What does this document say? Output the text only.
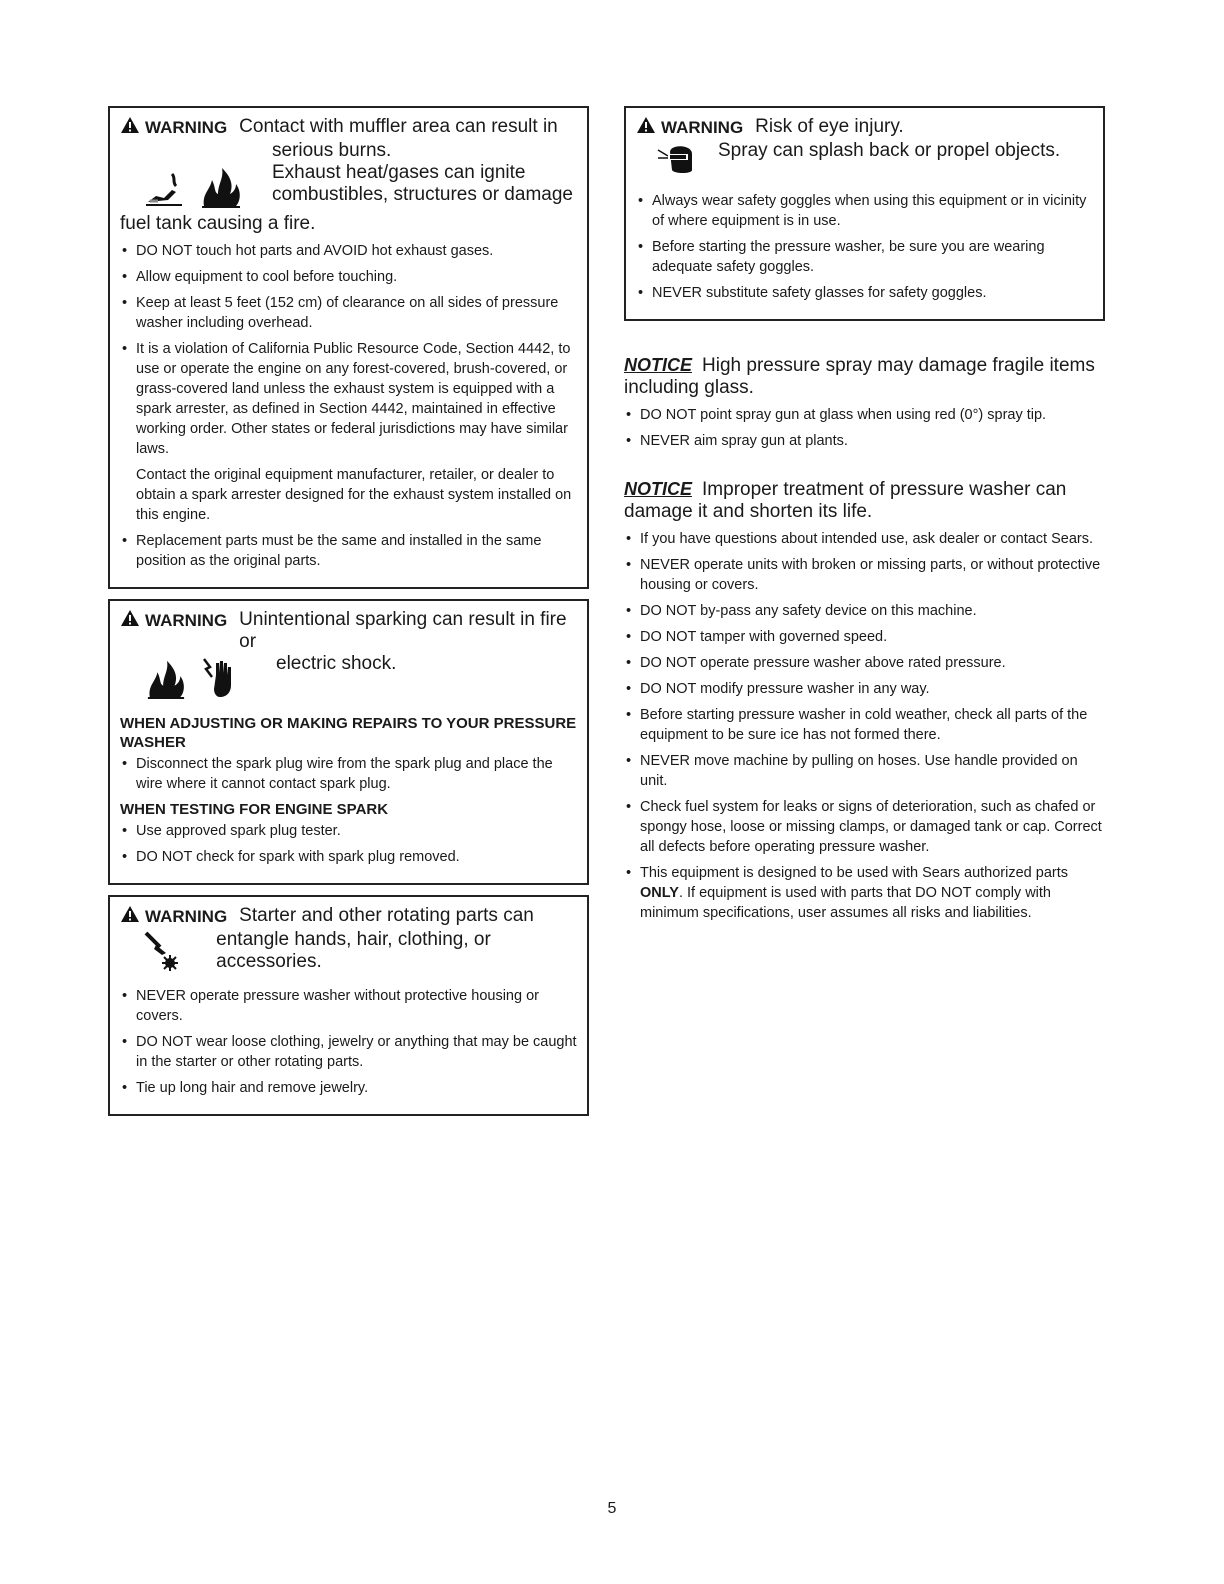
WARNING Contact with muffler area can result in
serious burns.
Exhaust heat/gases can ignite
combustibles, structures or damage
fuel tank causing a fire.
• DO NOT touch hot parts and AVOID hot exhaust gases.
• Allow equipment to cool before touching.
• Keep at least 5 feet (152 cm) of clearance on all sides of pressure washer including overhead.
• It is a violation of California Public Resource Code, Section 4442, to use or operate the engine on any forest-covered, brush-covered, or grass-covered land unless the exhaust system is equipped with a spark arrester, as defined in Section 4442, maintained in effective working order. Other states or federal jurisdictions may have similar laws.

Contact the original equipment manufacturer, retailer, or dealer to obtain a spark arrester designed for the exhaust system installed on this engine.

• Replacement parts must be the same and installed in the same position as the original parts.
WARNING Unintentional sparking can result in fire or
electric shock.
WHEN ADJUSTING OR MAKING REPAIRS TO YOUR PRESSURE WASHER
• Disconnect the spark plug wire from the spark plug and place the wire where it cannot contact spark plug.
WHEN TESTING FOR ENGINE SPARK
• Use approved spark plug tester.
• DO NOT check for spark with spark plug removed.
WARNING Starter and other rotating parts can
entangle hands, hair, clothing, or accessories.
• NEVER operate pressure washer without protective housing or covers.
• DO NOT wear loose clothing, jewelry or anything that may be caught in the starter or other rotating parts.
• Tie up long hair and remove jewelry.
WARNING Risk of eye injury.
Spray can splash back or propel objects.
• Always wear safety goggles when using this equipment or in vicinity of where equipment is in use.
• Before starting the pressure washer, be sure you are wearing adequate safety goggles.
• NEVER substitute safety glasses for safety goggles.
NOTICE High pressure spray may damage fragile items including glass.
• DO NOT point spray gun at glass when using red (0°) spray tip.
• NEVER aim spray gun at plants.
NOTICE Improper treatment of pressure washer can damage it and shorten its life.
• If you have questions about intended use, ask dealer or contact Sears.
• NEVER operate units with broken or missing parts, or without protective housing or covers.
• DO NOT by-pass any safety device on this machine.
• DO NOT tamper with governed speed.
• DO NOT operate pressure washer above rated pressure.
• DO NOT modify pressure washer in any way.
• Before starting pressure washer in cold weather, check all parts of the equipment to be sure ice has not formed there.
• NEVER move machine by pulling on hoses. Use handle provided on unit.
• Check fuel system for leaks or signs of deterioration, such as chafed or spongy hose, loose or missing clamps, or damaged tank or cap. Correct all defects before operating pressure washer.
• This equipment is designed to be used with Sears authorized parts ONLY. If equipment is used with parts that DO NOT comply with minimum specifications, user assumes all risks and liabilities.
5
